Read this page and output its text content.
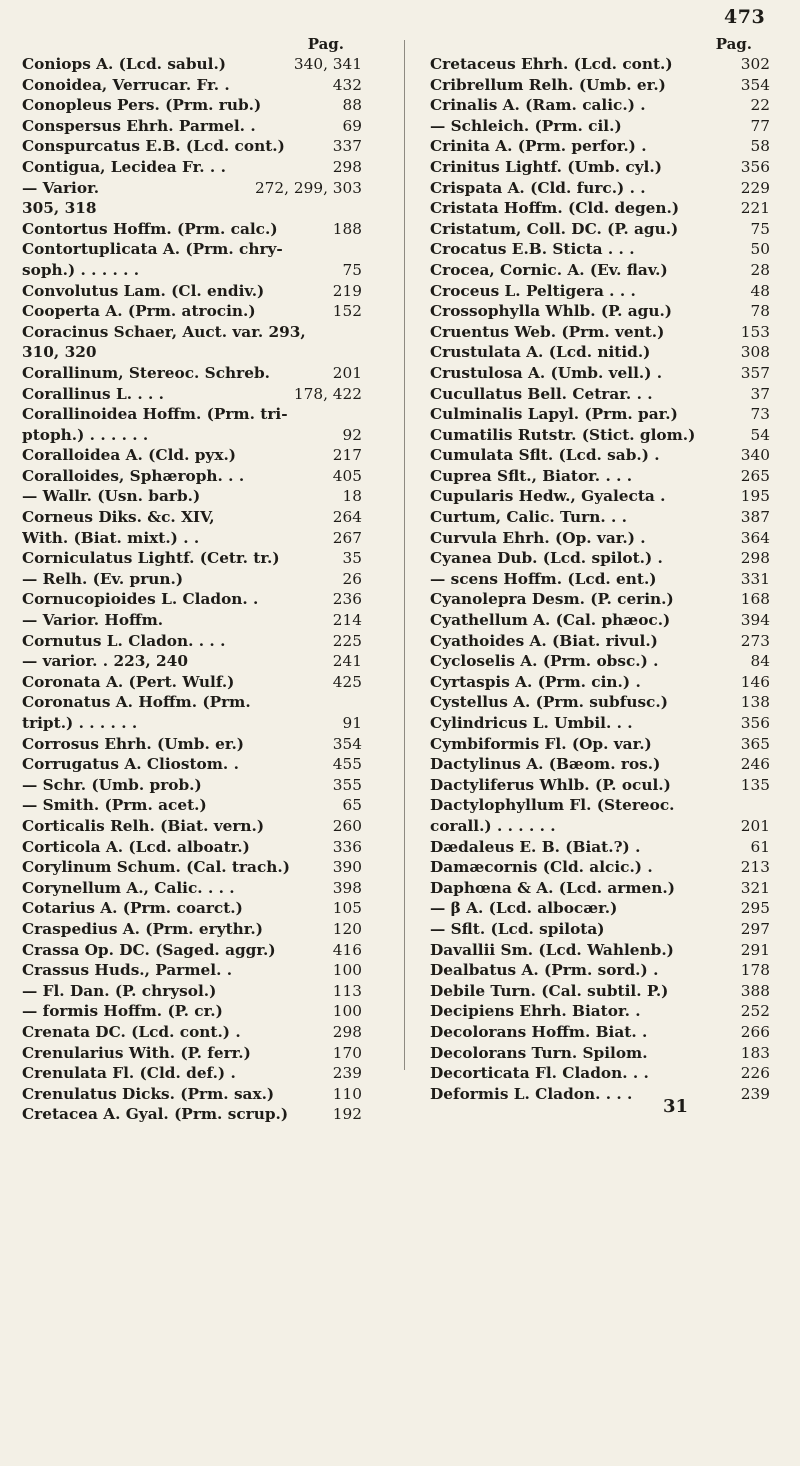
473
Pag.
Coniops A. (Lcd. sabul.)	340, 341
Conoidea, Verrucar. Fr. .	432
Conopleus Pers. (Prm. rub.)	88
Conspersus Ehrh. Parmel. .	69
Conspurcatus E.B. (Lcd. cont.)	337
Contigua, Lecidea Fr. . .	298
— Varior.	272, 299, 303
305, 318
Contortus Hoffm. (Prm. calc.)	188
Contortuplicata A. (Prm. chry-
soph.) . . . . . .	75
Convolutus Lam. (Cl. endiv.)	219
Cooperta A. (Prm. atrocin.)	152
Coracinus Schaer, Auct. var. 293,
310, 320
Corallinum, Stereoc. Schreb.	201
Corallinus L. . . .	178, 422
Corallinoidea Hoffm. (Prm. tri-
ptoph.) . . . . . .	92
Coralloidea A. (Cld. pyx.)	217
Coralloides, Sphæroph. . .	405
— Wallr. (Usn. barb.)	18
Corneus Diks. &c. XIV,	264
With. (Biat. mixt.) . .	267
Corniculatus Lightf. (Cetr. tr.)	35
— Relh. (Ev. prun.)	26
Cornucopioides L. Cladon. .	236
— Varior. Hoffm.	214
Cornutus L. Cladon. . . .	225
— varior. . 223, 240	241
Coronata A. (Pert. Wulf.)	425
Coronatus A. Hoffm. (Prm.
tript.) . . . . . .	91
Corrosus Ehrh. (Umb. er.)	354
Corrugatus A. Cliostom. .	455
— Schr. (Umb. prob.)	355
— Smith. (Prm. acet.)	65
Corticalis Relh. (Biat. vern.)	260
Corticola A. (Lcd. alboatr.)	336
Corylinum Schum. (Cal. trach.)	390
Corynellum A., Calic. . . .	398
Cotarius A. (Prm. coarct.)	105
Craspedius A. (Prm. erythr.)	120
Crassa Op. DC. (Saged. aggr.)	416
Crassus Huds., Parmel. .	100
— Fl. Dan. (P. chrysol.)	113
— formis Hoffm. (P. cr.)	100
Crenata DC. (Lcd. cont.) .	298
Crenularius With. (P. ferr.)	170
Crenulata Fl. (Cld. def.) .	239
Crenulatus Dicks. (Prm. sax.)	110
Cretacea A. Gyal. (Prm. scrup.)	192
Pag.
Cretaceus Ehrh. (Lcd. cont.)	302
Cribrellum Relh. (Umb. er.)	354
Crinalis A. (Ram. calic.) .	22
— Schleich. (Prm. cil.)	77
Crinita A. (Prm. perfor.) .	58
Crinitus Lightf. (Umb. cyl.)	356
Crispata A. (Cld. furc.) . .	229
Cristata Hoffm. (Cld. degen.)	221
Cristatum, Coll. DC. (P. agu.)	75
Crocatus E.B. Sticta . . .	50
Crocea, Cornic. A. (Ev. flav.)	28
Croceus L. Peltigera . . .	48
Crossophylla Whlb. (P. agu.)	78
Cruentus Web. (Prm. vent.)	153
Crustulata A. (Lcd. nitid.)	308
Crustulosa A. (Umb. vell.) .	357
Cucullatus Bell. Cetrar. . .	37
Culminalis Lapyl. (Prm. par.)	73
Cumatilis Rutstr. (Stict. glom.)	54
Cumulata Sflt. (Lcd. sab.) .	340
Cuprea Sflt., Biator. . . .	265
Cupularis Hedw., Gyalecta .	195
Curtum, Calic. Turn. . .	387
Curvula Ehrh. (Op. var.) .	364
Cyanea Dub. (Lcd. spilot.) .	298
— scens Hoffm. (Lcd. ent.)	331
Cyanolepra Desm. (P. cerin.)	168
Cyathellum A. (Cal. phæoc.)	394
Cyathoides A. (Biat. rivul.)	273
Cycloselis A. (Prm. obsc.) .	84
Cyrtaspis A. (Prm. cin.) .	146
Cystellus A. (Prm. subfusc.)	138
Cylindricus L. Umbil. . .	356
Cymbiformis Fl. (Op. var.)	365
Dactylinus A. (Bæom. ros.)	246
Dactyliferus Whlb. (P. ocul.)	135
Dactylophyllum Fl. (Stereoc.
corall.) . . . . . .	201
Dædaleus E. B. (Biat.?) .	61
Damæcornis (Cld. alcic.) .	213
Daphœna & A. (Lcd. armen.)	321
— β A. (Lcd. albocær.)	295
— Sflt. (Lcd. spilota)	297
Davallii Sm. (Lcd. Wahlenb.)	291
Dealbatus A. (Prm. sord.) .	178
Debile Turn. (Cal. subtil. P.)	388
Decipiens Ehrh. Biator. .	252
Decolorans Hoffm. Biat. .	266
Decolorans Turn. Spilom.	183
Decorticata Fl. Cladon. . .	226
Deformis L. Cladon. . . .	239
31
